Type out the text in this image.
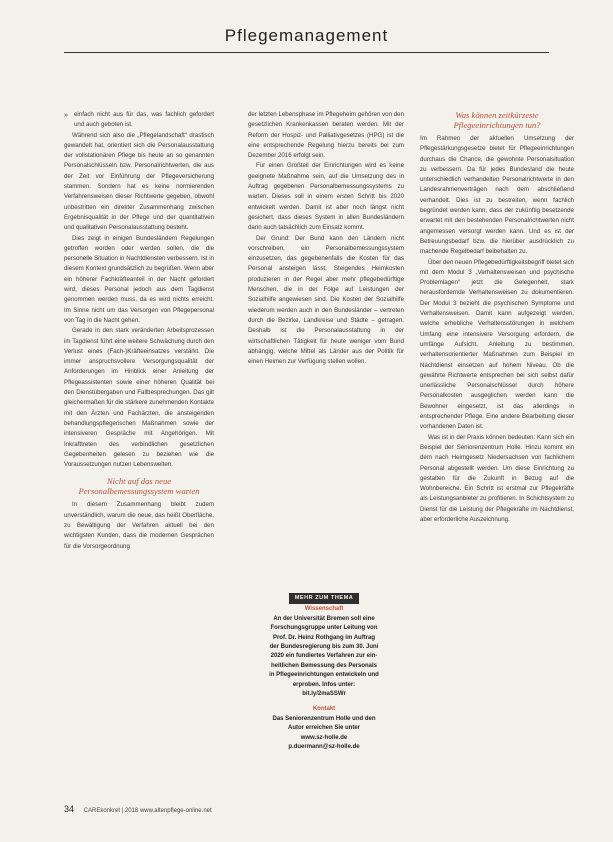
Pflegemanagement
» einfach nicht aus für das, was fachlich gefordert und auch geboten ist.

Während sich also die „Pflegelandschaft“ drastisch gewandelt hat, orientiert sich die Personalausstattung der vollstationären Pflege bis heute an so genannten Personalschlüsseln bzw. Personalrichtwerten, die aus der Zeit vor Einführung der Pflegeversicherung stammen. Sondern hat es keine normierenden Verfahrensweisen dieser Richtwerte gegeben, obwohl unbestritten ein direkter Zusammenhang zwischen Ergebnisqualität in der Pflege und der quantitativen und qualitativen Personalausstattung besteht.

Dies zeigt in einigen Bundesländern Regelungen getroffen worden oder werden sollen, die die personelle Situation in Nachtdiensten verbessern. Ist in diesem Kontext grundsätzlich zu begrüßen. Wenn aber ein höherer Fachkräfteanteil in der Nacht gefordert wird, dieses Personal jedoch aus dem Tagdienst genommen werden muss, da es wird nichts erreicht. Im Sinne nicht um das Versorgen von Pflegepersonal von Tag in die Nacht gehen.

Gerade in den stark veränderten Arbeitsprozessen im Tagdienst führt eine weitere Schwächung durch den Verlust eines (Fach-)Kräfteeinsatzes verstärkt. Die immer anspruchsvollere Versorgungsqualität der Anforderungen im Hinblick einer Anleitung der Pflegeassistenten sowie einer höheren Qualität bei den Dienstübergaben und Fallbesprechungen. Das gilt gleichermaßen für die stärkere zunehmenden Kontakte mit den Ärzten und Fachärzten, die ansteigenden behandlungspflegerischen Maßnahmen sowie der intensiveren Gespräche mit Angehörigen. Mit Inkrafttreten des verbindlichen gesetzlichen Gegebenheiten gelesen zu beziehen wie die Voraussetzungen nutzen Lebenswelten.

Nicht auf das neue Personalbemessungssystem warten

In diesem Zusammenhang bleibt zudem unverständlich, warum die neue, das heißt Oberfläche, zu Bewältigung der Verfahren aktuell bei den wichtigsten Kunden, dass die modernen Gesprächen für die Vorsorgeordnung

der letzten Lebensphase im Pflegeheim gehören von den gesetzlichen Krankenkassen beraten werden. Mit der Reform der Hospiz- und Palliativgesetzes (HPG) ist die eine entsprechende Regelung hierzu bereits bei zum Dezember 2016 erfolgt sein.

Für einen Großteil der Einrichtungen wird es keine geeignete Maßnahme sein, auf die Umsetzung des in Auftrag gegebenen Personalbemessungssystems zu warten. Dieses soll in einem ersten Schritt bis 2020 entwickelt werden. Damit ist aber noch längst nicht gesichert, dass dieses System in allen Bundesländern dann auch tatsächlich zum Einsatz kommt.

Der Grund: Der Bund kann den Ländern nicht vorschreiben, ein Personalbemessungssystem einzusetzen, das gegebenenfalls die Kosten für das Personal ansteigen lässt. Steigendes Heimkosten produzieren in der Regel aber mehr pflegebedürftige Menschen, die in der Folge auf Leistungen der Sozialhilfe angewiesen sind. Die Kosten der Sozialhilfe wiederum werden auch in den Bundesländer – vertreten durch die Bezirke, Landkreise und Städte – getragen. Deshalb ist die Personalausstattung in der wirtschaftlichen Tätigkeit für heute weniger vom Bund abhängig, welche Mittel als Länder aus der Politik für einen Heimen zur Verfügung stellen wollen.

Was können zeitkürzeste Pflegeeinrichtungen tun?

Im Rahmen der aktuellen Umsetzung der Pflegestärkungsgesetze bietet für Pflegeeinrichtungen durchaus die Chance, die gewohnte Personalsituation zu verbessern. Da für jedes Bundesland die heute unterschiedlich verhandelten Personalrichtwerte in den Landesrahmenverträgen nach dem abschließend verhandelt. Dies ist zu bestreiten, wenn fachlich begründet werden kann, dass der zukünftig besetzende erwartet mit den bestehenden Personalrichtwerten nicht angemessen versorgt werden kann. Und es ist der Betreuungsbedarf bzw. die hierüber ausdrücklich zu machende Regelbedarf beibehalten zu.

Über den neuen Pflegebedürftigkeitsbegriff bietet sich mit dem Modul 3 „Verhaltensweisen und psychische Problemlagen“ jetzt die Gelegenheit, stark herausfordernde Verhaltensweisen zu dokumentieren. Der Modul 3 bezieht die psychischen Symptome und Verhaltensweisen. Damit kann aufgezeigt werden, welche erhebliche Verhaltensstörungen in welchem Umfang eine intensivere Versorgung erfordern, die umfänge Aufsicht, Anleitung zu bestimmen, verhaltensorientierter Maßnahmen zum Beispiel im Nachtdienst einsetzen auf hohem Niveau. Ob die gewährte Richtwerte entsprechen bei sich selbst dafür unerlässliche Personalschlüssel durch höhere Personalkosten ausgeglichen werden kann die Bewohner eingesetzt, ist das allerdings in entsprechender Pflege. Eine andere Bearbeitung dieser vorhandenen Daten ist.

Was ist in der Praxis können bedeuten: Kann sich ein Beispiel der Seniorenzentrum Holle. Hinzu kommt ein dem nach Heimgesetz Niedersachsen von fachlichem Personal abgestellt werden. Um diese Einrichtung zu gestalten für die Zukunft in Bezug auf die Wohnbereiche. Ein Schritt ist erstmal zur Pflegekräfte als Leistungsanbieter zu profitieren. In Schichtsystem zu Dienst für die Leistung der Pflegekräfte im Nachtdienst, aber erforderliche Auszeichnung.

MEHR ZUM THEMA
Wissenschaft
An der Universität Bremen soll eine
Forschungsgruppe unter Leitung von
Prof. Dr. Heinz Rothgang im Auftrag
der Bundesregierung bis zum 30. Juni
2020 ein fundiertes Verfahren zur ein-
heitlichen Bemessung des Personals
in Pflegeeinrichtungen entwickeln und
erproben. Infos unter:
bit.ly/2maSSWr
Kontakt
Das Seniorenzentrum Holle und den
Autor erreichen Sie unter
www.sz-holle.de
p.duermann@sz-holle.de
34 CAREkonkret | 2018 www.altenpflege-online.net
